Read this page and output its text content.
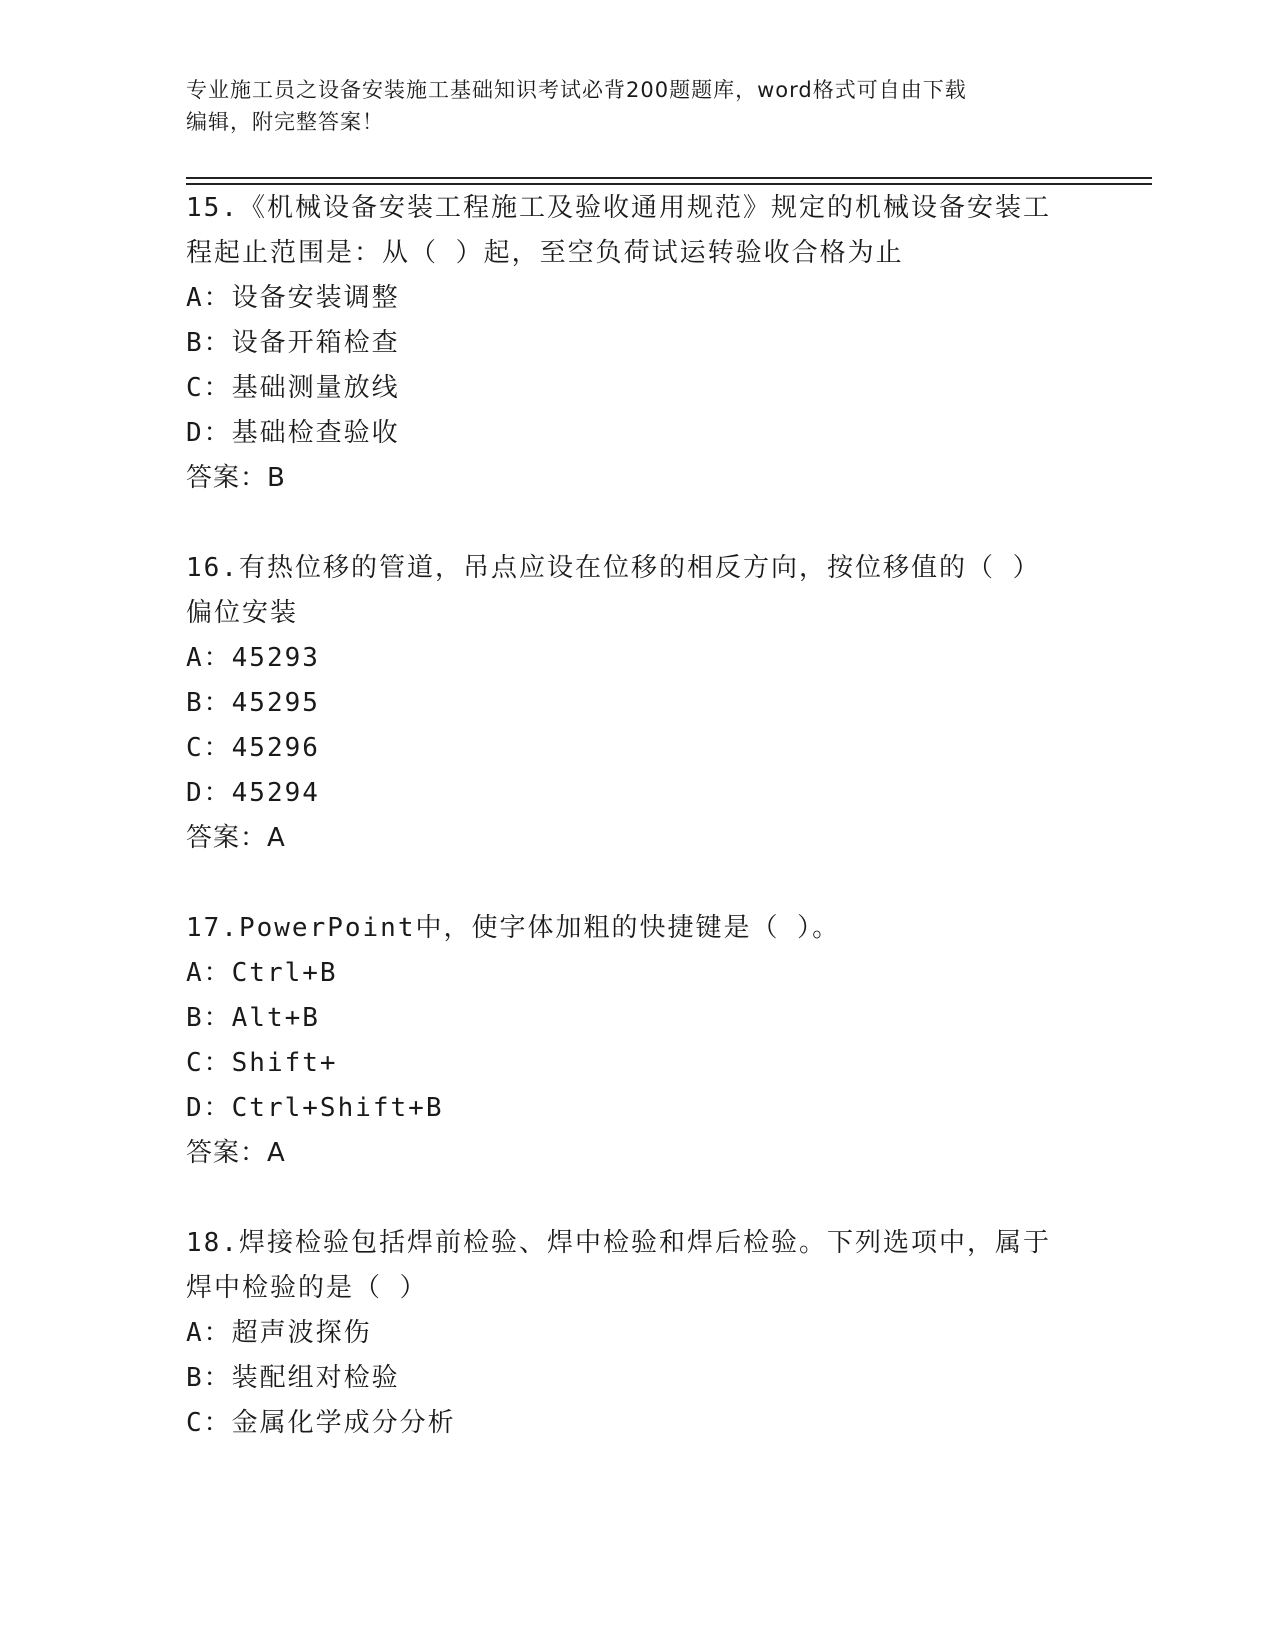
专业施工员之设备安装施工基础知识考试必背200题题库，word格式可自由下载
编辑，附完整答案！
15.《机械设备安装工程施工及验收通用规范》规定的机械设备安装工
程起止范围是：从（ ）起，至空负荷试运转验收合格为止
A：设备安装调整
B：设备开箱检查
C：基础测量放线
D：基础检查验收
答案：B
16.有热位移的管道，吊点应设在位移的相反方向，按位移值的（ ）
偏位安装
A：45293
B：45295
C：45296
D：45294
答案：A
17.PowerPoint中，使字体加粗的快捷键是（ ）。
A：Ctrl+B
B：Alt+B
C：Shift+
D：Ctrl+Shift+B
答案：A
18.焊接检验包括焊前检验、焊中检验和焊后检验。下列选项中，属于
焊中检验的是（ ）
A：超声波探伤
B：装配组对检验
C：金属化学成分分析
